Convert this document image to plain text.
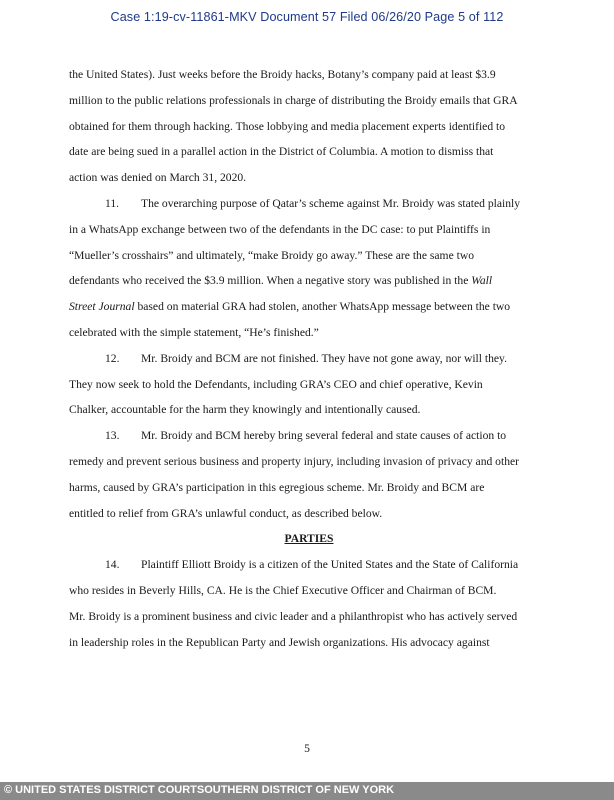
Case 1:19-cv-11861-MKV Document 57 Filed 06/26/20 Page 5 of 112
the United States). Just weeks before the Broidy hacks, Botany’s company paid at least $3.9
million to the public relations professionals in charge of distributing the Broidy emails that GRA
obtained for them through hacking. Those lobbying and media placement experts identified to
date are being sued in a parallel action in the District of Columbia. A motion to dismiss that
action was denied on March 31, 2020.
11. The overarching purpose of Qatar’s scheme against Mr. Broidy was stated plainly
in a WhatsApp exchange between two of the defendants in the DC case: to put Plaintiffs in
“Mueller’s crosshairs” and ultimately, “make Broidy go away.” These are the same two
defendants who received the $3.9 million. When a negative story was published in the Wall
Street Journal based on material GRA had stolen, another WhatsApp message between the two
celebrated with the simple statement, “He’s finished.”
12. Mr. Broidy and BCM are not finished. They have not gone away, nor will they.
They now seek to hold the Defendants, including GRA’s CEO and chief operative, Kevin
Chalker, accountable for the harm they knowingly and intentionally caused.
13. Mr. Broidy and BCM hereby bring several federal and state causes of action to
remedy and prevent serious business and property injury, including invasion of privacy and other
harms, caused by GRA’s participation in this egregious scheme. Mr. Broidy and BCM are
entitled to relief from GRA’s unlawful conduct, as described below.
PARTIES
14. Plaintiff Elliott Broidy is a citizen of the United States and the State of California
who resides in Beverly Hills, CA. He is the Chief Executive Officer and Chairman of BCM.
Mr. Broidy is a prominent business and civic leader and a philanthropist who has actively served
in leadership roles in the Republican Party and Jewish organizations. His advocacy against
5
© UNITED STATES DISTRICT COURTSOUTHERN DISTRICT OF NEW YORK
